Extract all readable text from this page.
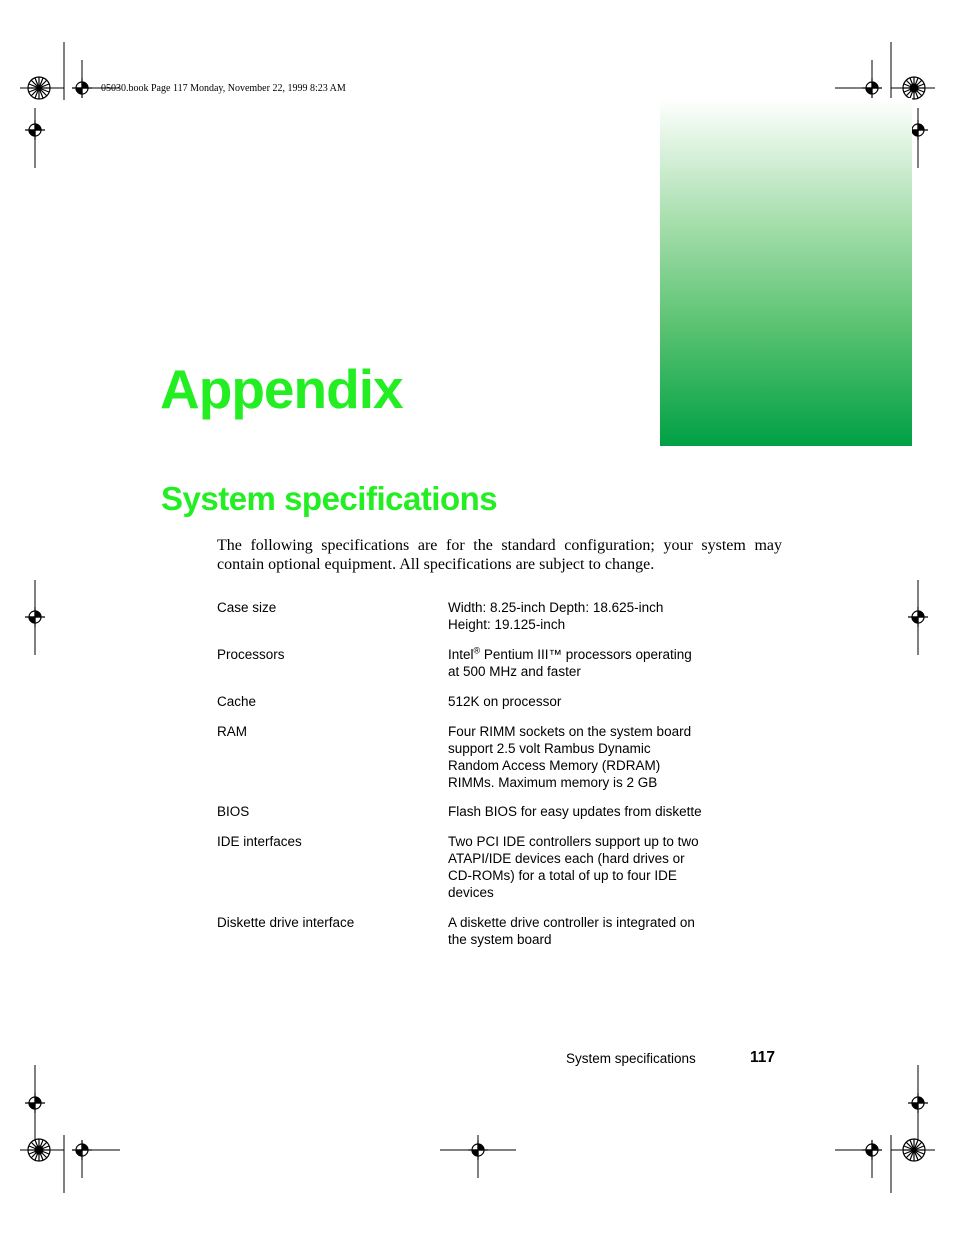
05030.book Page 117 Monday, November 22, 1999 8:23 AM
Appendix
System specifications

The following specifications are for the standard configuration; your system may contain optional equipment. All specifications are subject to change.

Case size	Width: 8.25-inch Depth: 18.625-inch
Height: 19.125-inch
Processors	Intel® Pentium III™ processors operating
at 500 MHz and faster
Cache	512K on processor
RAM	Four RIMM sockets on the system board
support 2.5 volt Rambus Dynamic
Random Access Memory (RDRAM)
RIMMs. Maximum memory is 2 GB
BIOS	Flash BIOS for easy updates from diskette
IDE interfaces	Two PCI IDE controllers support up to two
ATAPI/IDE devices each (hard drives or
CD-ROMs) for a total of up to four IDE
devices
Diskette drive interface	A diskette drive controller is integrated on
the system board
System specifications	117
